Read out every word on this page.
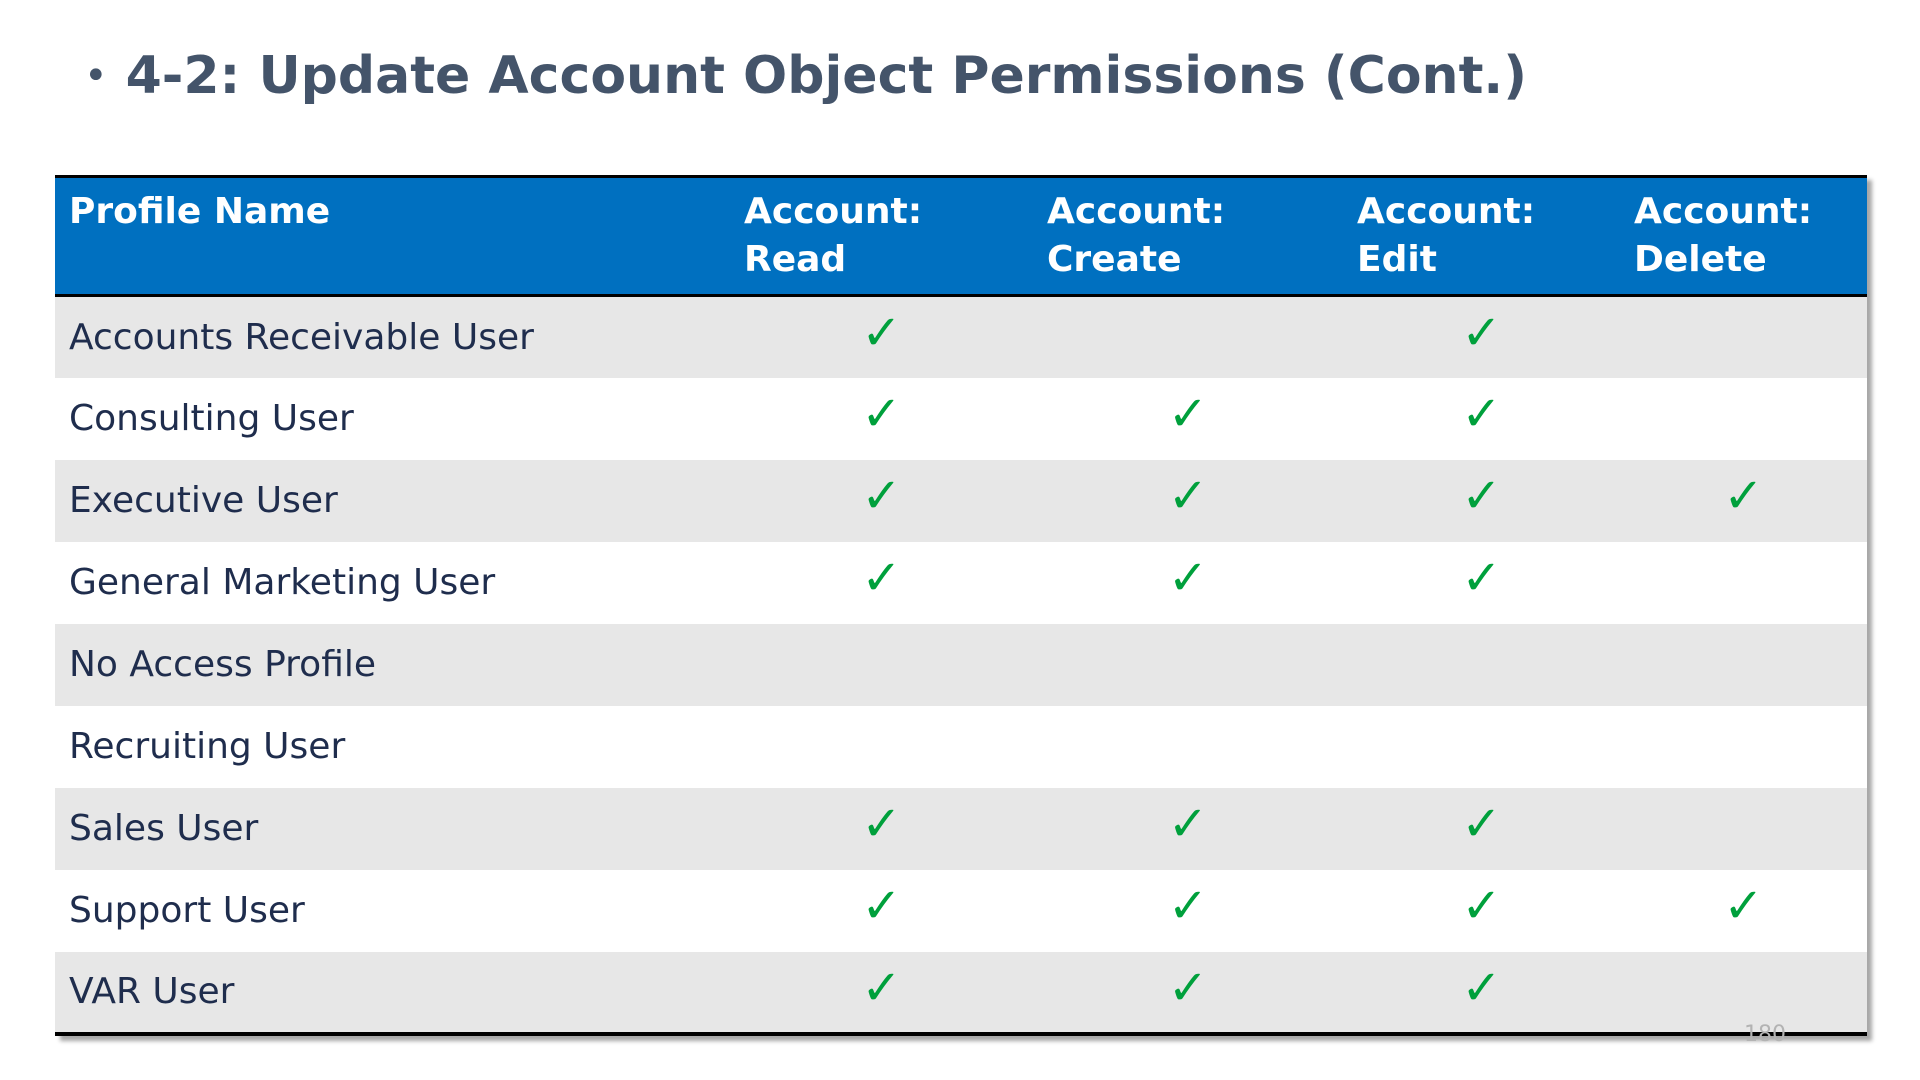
• 4-2: Update Account Object Permissions (Cont.)
Profile Name	Account: Read	Account: Create	Account: Edit	Account: Delete
Accounts Receivable User	✓		✓	
Consulting User	✓	✓	✓	
Executive User	✓	✓	✓	✓
General Marketing User	✓	✓	✓	
No Access Profile				
Recruiting User				
Sales User	✓	✓	✓	
Support User	✓	✓	✓	✓
VAR User	✓	✓	✓	
180
